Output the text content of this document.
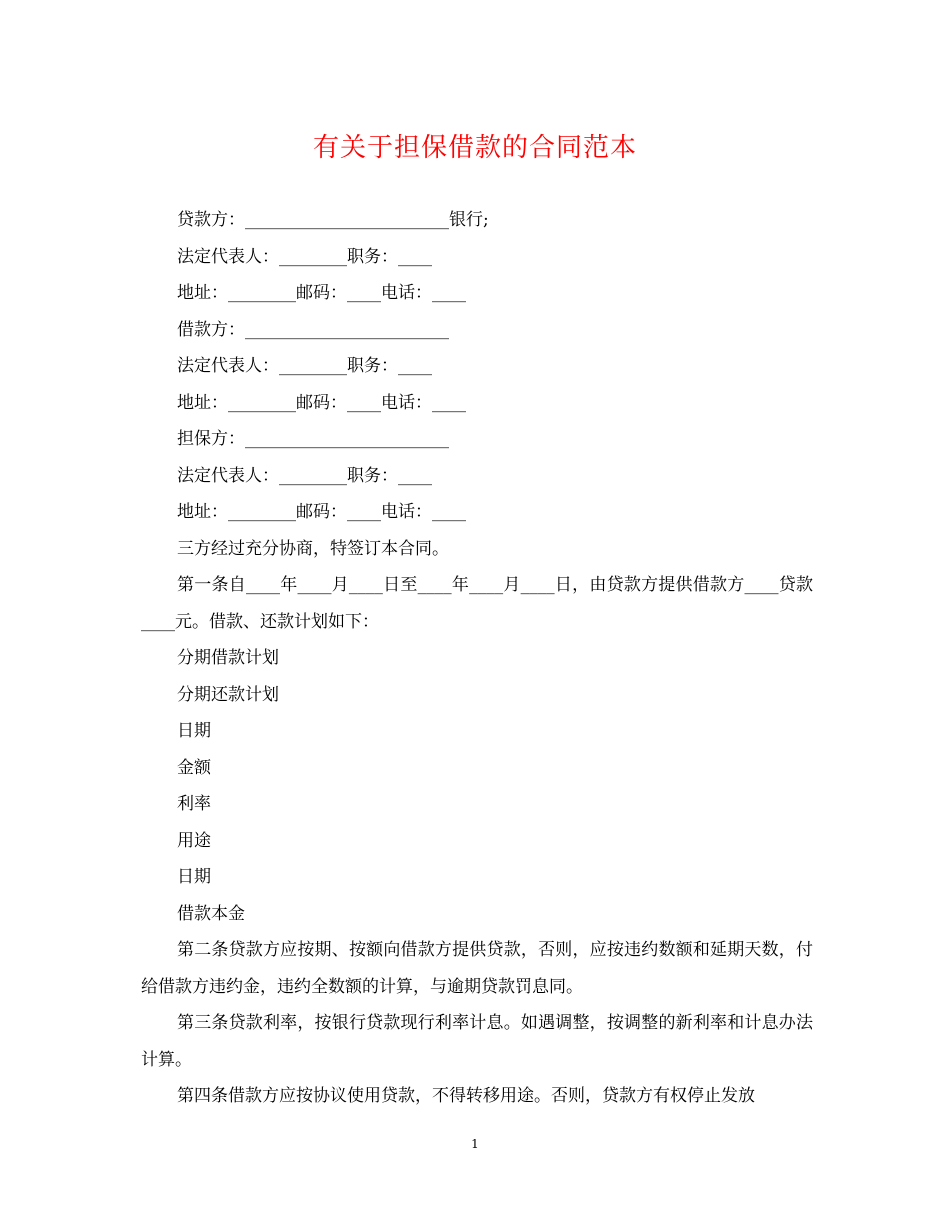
有关于担保借款的合同范本

贷款方：________________________银行;

法定代表人：________职务：____

地址：________邮码：____电话：____

借款方：________________________

法定代表人：________职务：____

地址：________邮码：____电话：____

担保方：________________________

法定代表人：________职务：____

地址：________邮码：____电话：____

三方经过充分协商，特签订本合同。

第一条自____年____月____日至____年____月____日，由贷款方提供借款方____贷款____元。借款、还款计划如下：

分期借款计划

分期还款计划

日期

金额

利率

用途

日期

借款本金

第二条贷款方应按期、按额向借款方提供贷款，否则，应按违约数额和延期天数，付给借款方违约金，违约全数额的计算，与逾期贷款罚息同。

第三条贷款利率，按银行贷款现行利率计息。如遇调整，按调整的新利率和计息办法计算。

第四条借款方应按协议使用贷款，不得转移用途。否则，贷款方有权停止发放

1
